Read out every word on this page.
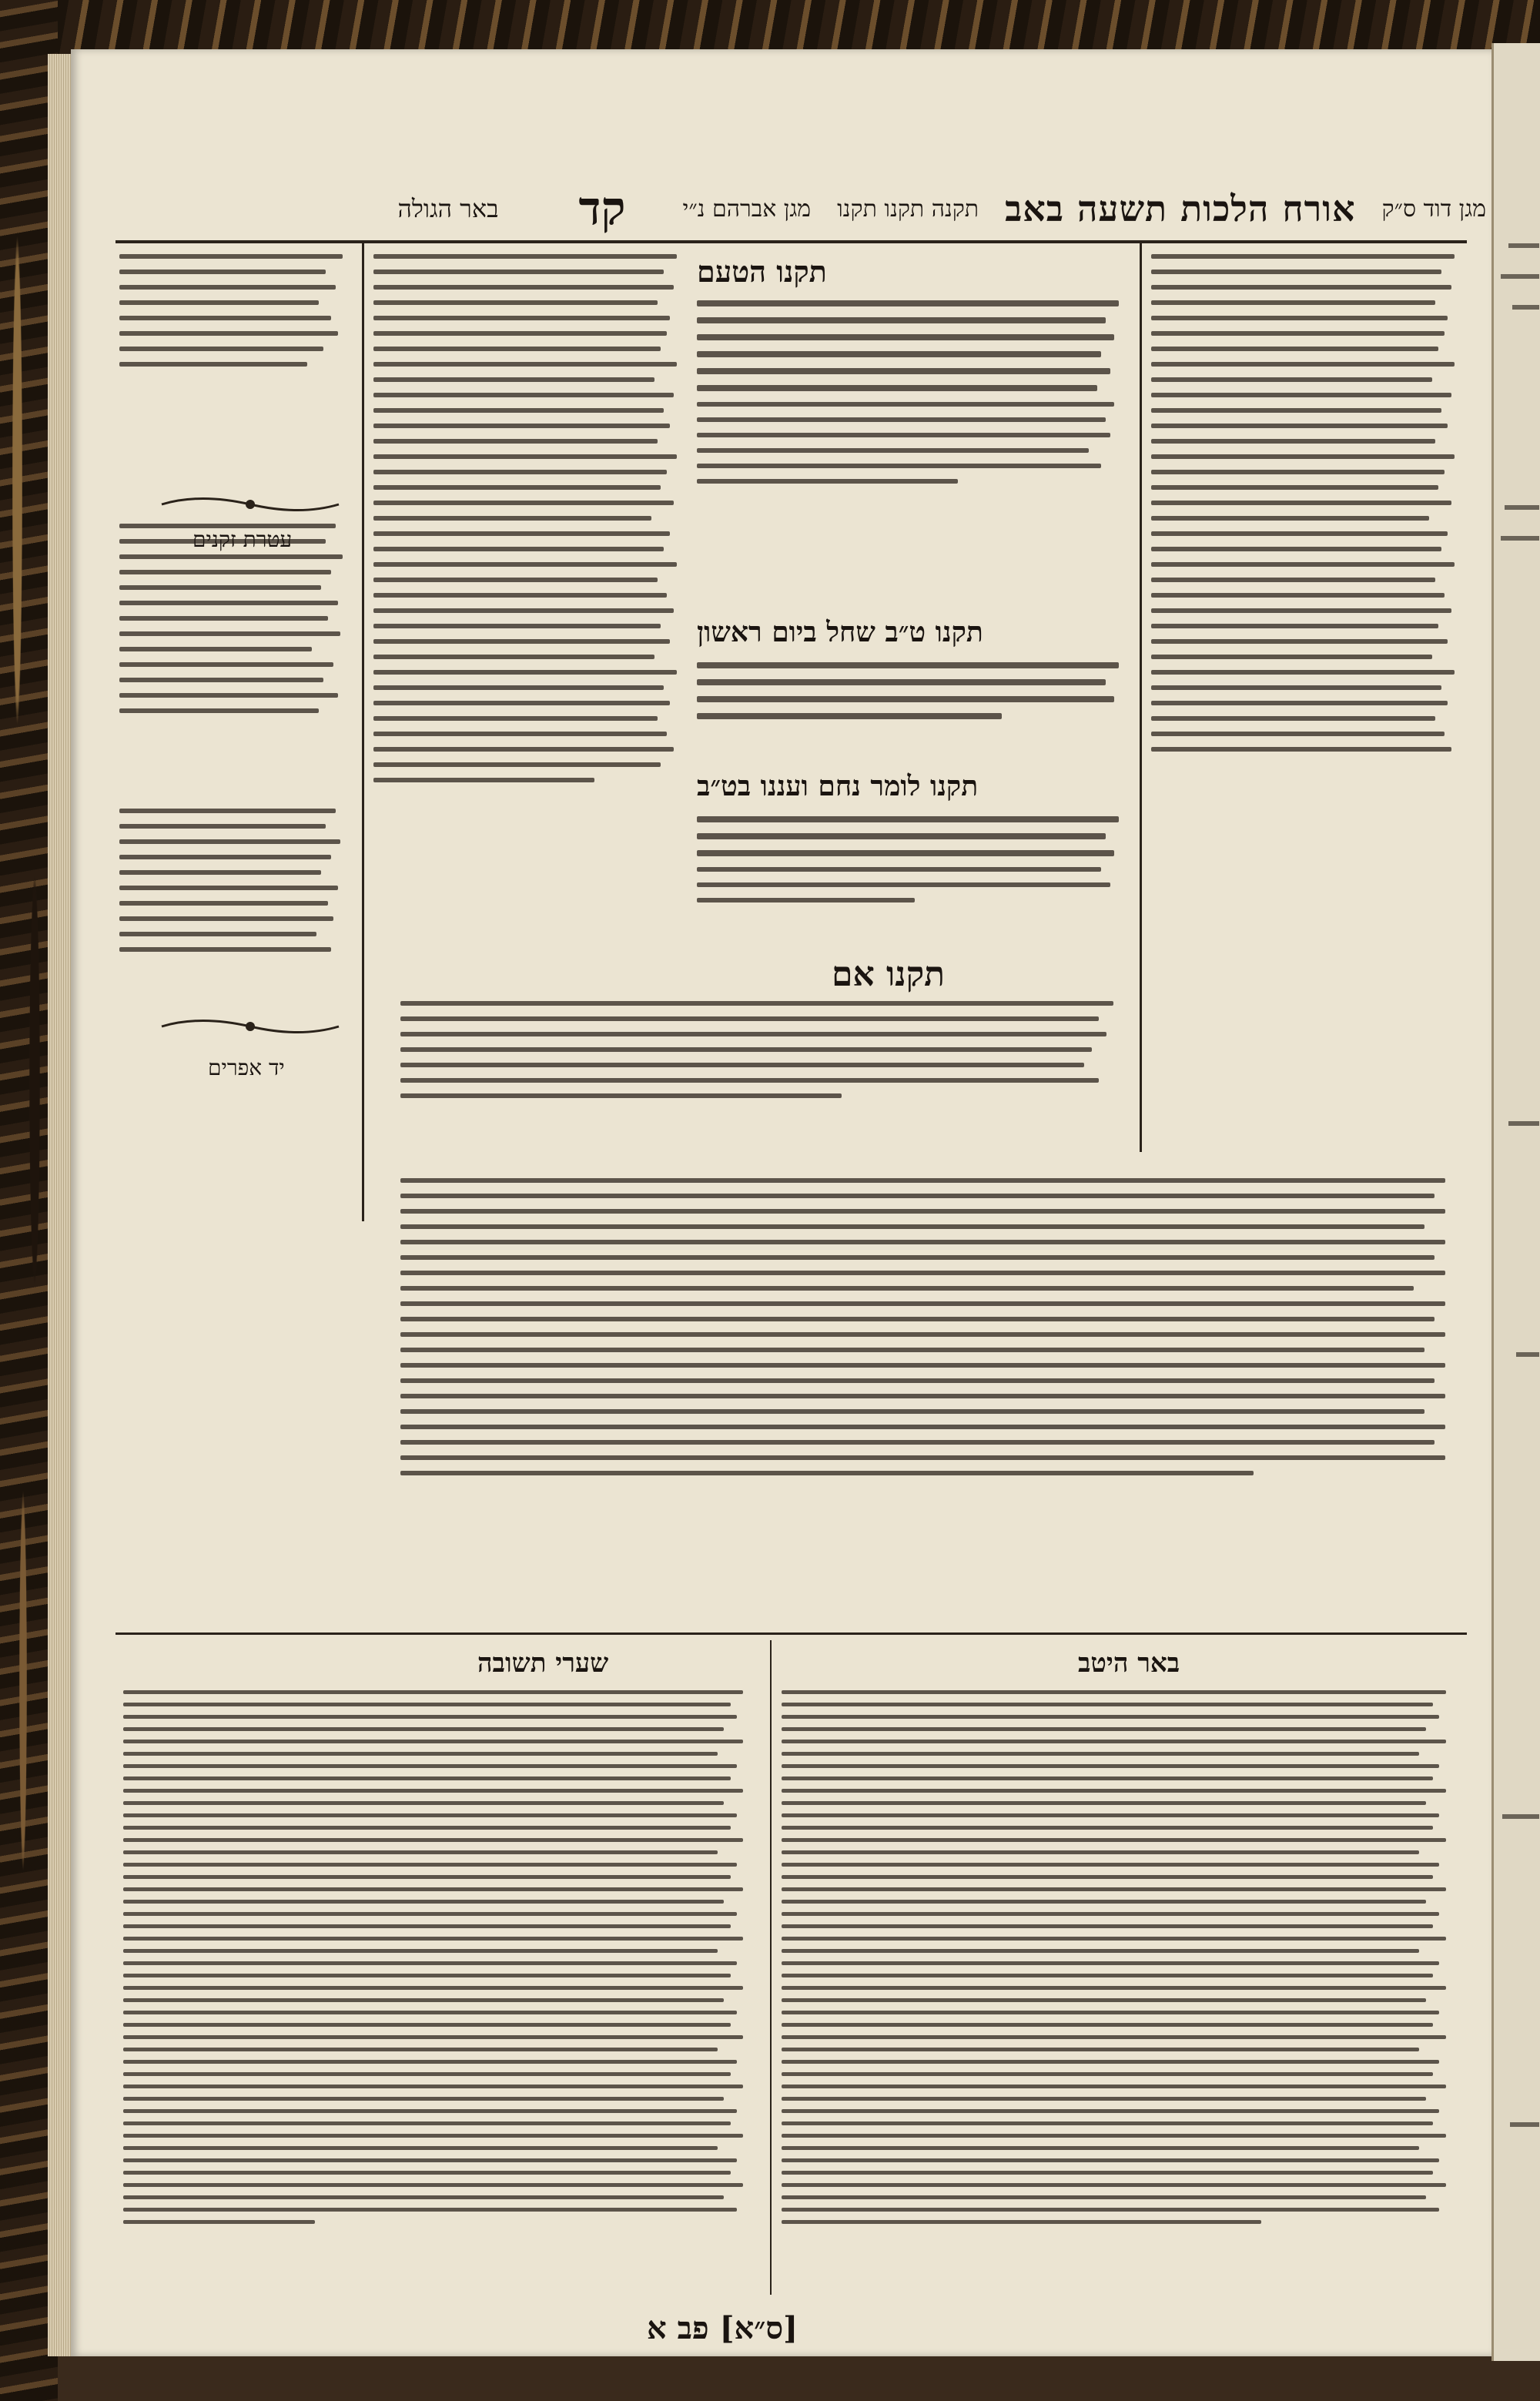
מגן דוד ס״ק
אורח הלכות תשעה באב
תקנה תקנו תקנו
מגן אברהם נ״י
קד
באר הגולה
עטרת זקנים
יד אפרים
תקנו הטעם
תקנו ט״ב שחל ביום ראשון
תקנו לומר נחם ועננו בט״ב
תקנו אם
באר היטב
שערי תשובה
[ס״א] פב א
